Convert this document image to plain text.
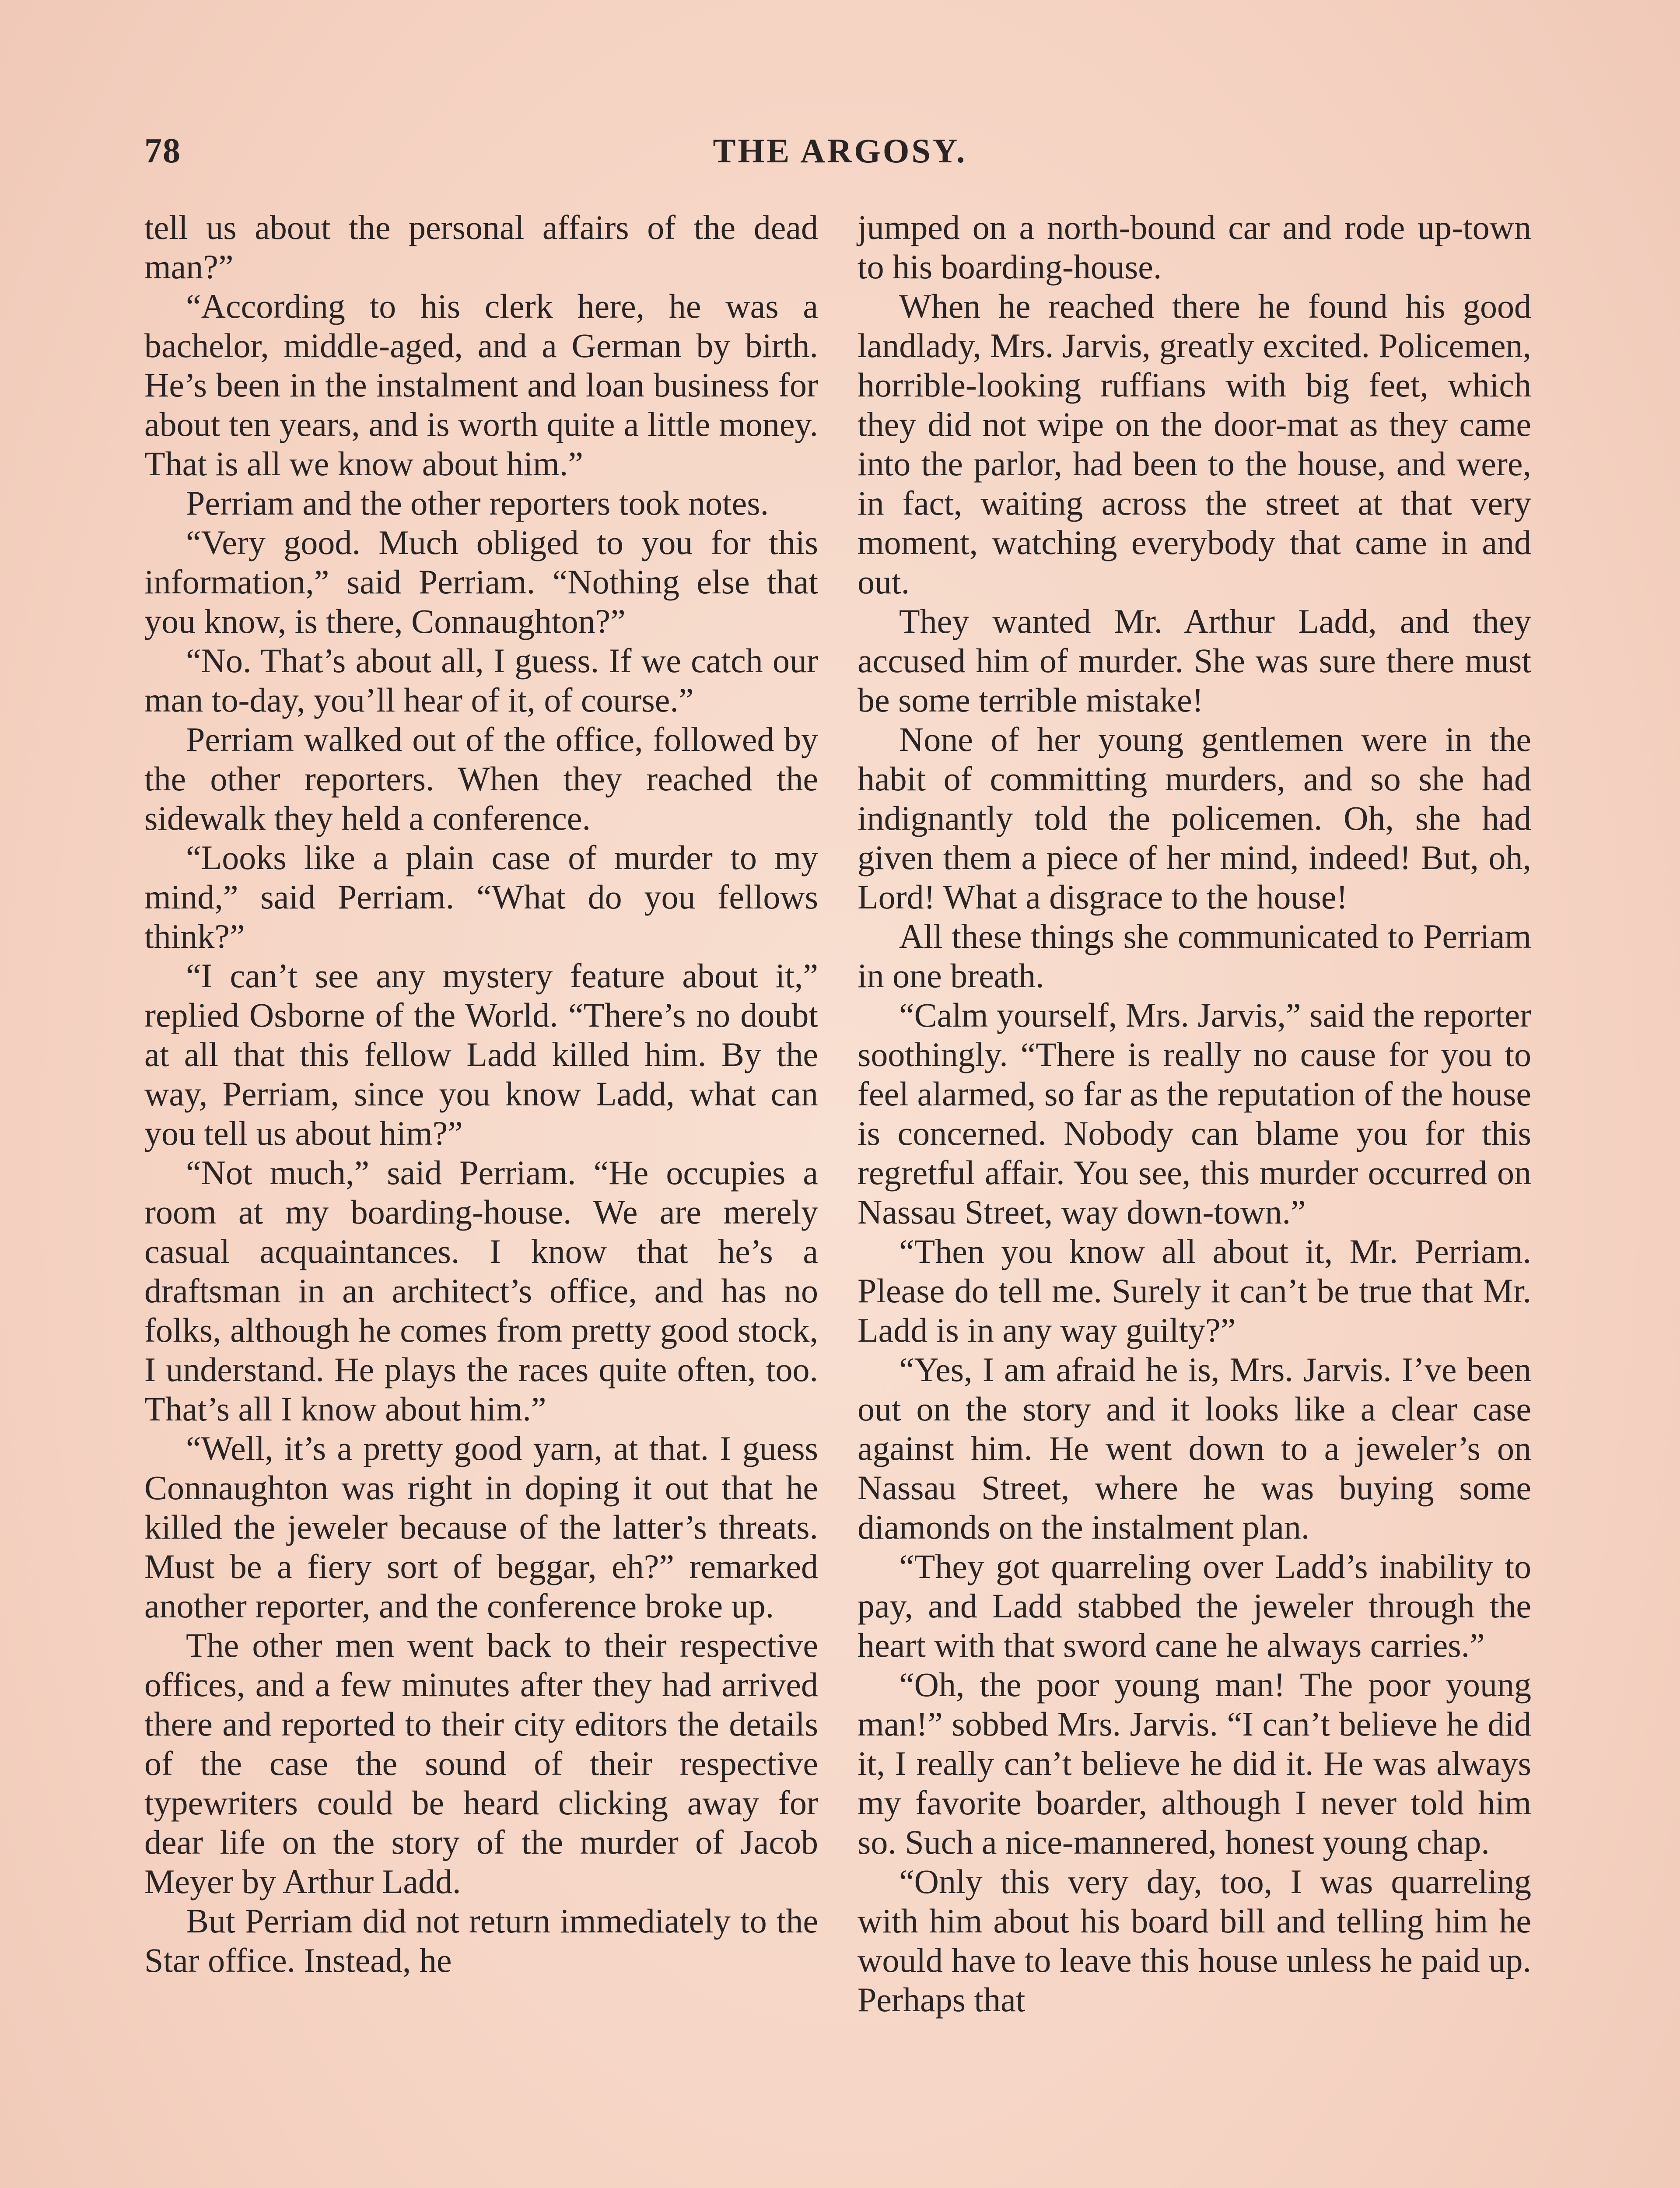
78	THE ARGOSY.

tell us about the personal affairs of the dead man?”

“According to his clerk here, he was a bachelor, middle-aged, and a German by birth. He’s been in the instalment and loan business for about ten years, and is worth quite a little money. That is all we know about him.”

Perriam and the other reporters took notes.

“Very good. Much obliged to you for this information,” said Perriam. “Nothing else that you know, is there, Connaughton?”

“No. That’s about all, I guess. If we catch our man to-day, you’ll hear of it, of course.”

Perriam walked out of the office, followed by the other reporters. When they reached the sidewalk they held a conference.

“Looks like a plain case of murder to my mind,” said Perriam. “What do you fellows think?”

“I can’t see any mystery feature about it,” replied Osborne of the World. “There’s no doubt at all that this fellow Ladd killed him. By the way, Perriam, since you know Ladd, what can you tell us about him?”

“Not much,” said Perriam. “He occupies a room at my boarding-house. We are merely casual acquaintances. I know that he’s a draftsman in an architect’s office, and has no folks, although he comes from pretty good stock, I understand. He plays the races quite often, too. That’s all I know about him.”

“Well, it’s a pretty good yarn, at that. I guess Connaughton was right in doping it out that he killed the jeweler because of the latter’s threats. Must be a fiery sort of beggar, eh?” remarked another reporter, and the conference broke up.

The other men went back to their respective offices, and a few minutes after they had arrived there and reported to their city editors the details of the case the sound of their respective typewriters could be heard clicking away for dear life on the story of the murder of Jacob Meyer by Arthur Ladd.

But Perriam did not return immediately to the Star office. Instead, he

jumped on a north-bound car and rode up-town to his boarding-house.

When he reached there he found his good landlady, Mrs. Jarvis, greatly excited. Policemen, horrible-looking ruffians with big feet, which they did not wipe on the door-mat as they came into the parlor, had been to the house, and were, in fact, waiting across the street at that very moment, watching everybody that came in and out.

They wanted Mr. Arthur Ladd, and they accused him of murder. She was sure there must be some terrible mistake!

None of her young gentlemen were in the habit of committing murders, and so she had indignantly told the policemen. Oh, she had given them a piece of her mind, indeed! But, oh, Lord! What a disgrace to the house!

All these things she communicated to Perriam in one breath.

“Calm yourself, Mrs. Jarvis,” said the reporter soothingly. “There is really no cause for you to feel alarmed, so far as the reputation of the house is concerned. Nobody can blame you for this regretful affair. You see, this murder occurred on Nassau Street, way down-town.”

“Then you know all about it, Mr. Perriam. Please do tell me. Surely it can’t be true that Mr. Ladd is in any way guilty?”

“Yes, I am afraid he is, Mrs. Jarvis. I’ve been out on the story and it looks like a clear case against him. He went down to a jeweler’s on Nassau Street, where he was buying some diamonds on the instalment plan.

“They got quarreling over Ladd’s inability to pay, and Ladd stabbed the jeweler through the heart with that sword cane he always carries.”

“Oh, the poor young man! The poor young man!” sobbed Mrs. Jarvis. “I can’t believe he did it, I really can’t believe he did it. He was always my favorite boarder, although I never told him so. Such a nice-mannered, honest young chap.

“Only this very day, too, I was quarreling with him about his board bill and telling him he would have to leave this house unless he paid up. Perhaps that
